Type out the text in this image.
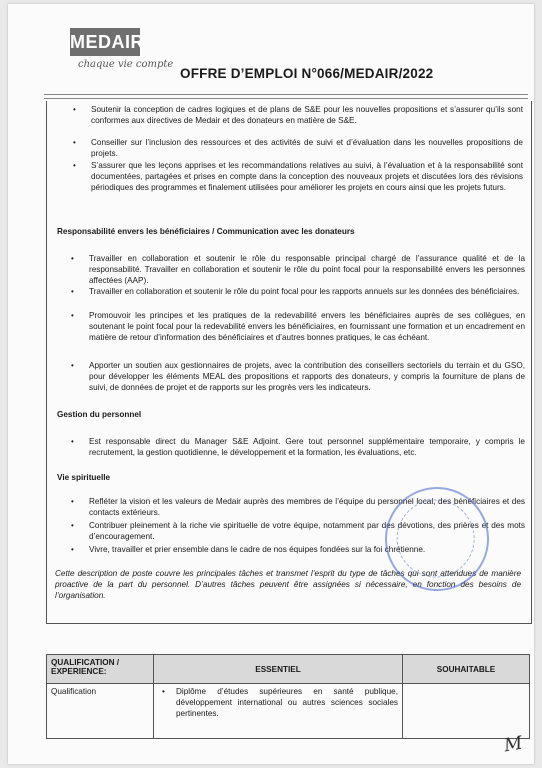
MEDAIR
chaque vie compte
OFFRE D’EMPLOI N°066/MEDAIR/2022
• Soutenir la conception de cadres logiques et de plans de S&E pour les nouvelles propositions et s’assurer qu’ils sont conformes aux directives de Medair et des donateurs en matière de S&E.
• Conseiller sur l’inclusion des ressources et des activités de suivi et d’évaluation dans les nouvelles propositions de projets.
• S’assurer que les leçons apprises et les recommandations relatives au suivi, à l’évaluation et à la responsabilité sont documentées, partagées et prises en compte dans la conception des nouveaux projets et discutées lors des révisions périodiques des programmes et finalement utilisées pour améliorer les projets en cours ainsi que les projets futurs.
Responsabilité envers les bénéficiaires / Communication avec les donateurs
• Travailler en collaboration et soutenir le rôle du responsable principal chargé de l’assurance qualité et de la responsabilité. Travailler en collaboration et soutenir le rôle du point focal pour la responsabilité envers les personnes affectées (AAP).
• Travailler en collaboration et soutenir le rôle du point focal pour les rapports annuels sur les données des bénéficiaires.
• Promouvoir les principes et les pratiques de la redevabilité envers les bénéficiaires auprès de ses collègues, en soutenant le point focal pour la redevabilité envers les bénéficiaires, en fournissant une formation et un encadrement en matière de retour d’information des bénéficiaires et d’autres bonnes pratiques, le cas échéant.
• Apporter un soutien aux gestionnaires de projets, avec la contribution des conseillers sectoriels du terrain et du GSO, pour développer les éléments MEAL des propositions et rapports des donateurs, y compris la fourniture de plans de suivi, de données de projet et de rapports sur les progrès vers les indicateurs.
Gestion du personnel
• Est responsable direct du Manager S&E Adjoint. Gere tout personnel supplémentaire temporaire, y compris le recrutement, la gestion quotidienne, le développement et la formation, les évaluations, etc.
Vie spirituelle
• Refléter la vision et les valeurs de Medair auprès des membres de l’équipe du personnel local, des bénéficiaires et des contacts extérieurs.
• Contribuer pleinement à la riche vie spirituelle de votre équipe, notamment par des dévotions, des prières et des mots d’encouragement.
• Vivre, travailler et prier ensemble dans le cadre de nos équipes fondées sur la foi chrétienne.
Cette description de poste couvre les principales tâches et transmet l’esprit du type de tâches qui sont attendues de manière proactive de la part du personnel. D’autres tâches peuvent être assignées si nécessaire, en fonction des besoins de l’organisation.
QUALIFICATION / EXPERIENCE:	ESSENTIEL	SOUHAITABLE
Qualification	• Diplôme d’études supérieures en santé publique, développement international ou autres sciences sociales pertinentes.

M
